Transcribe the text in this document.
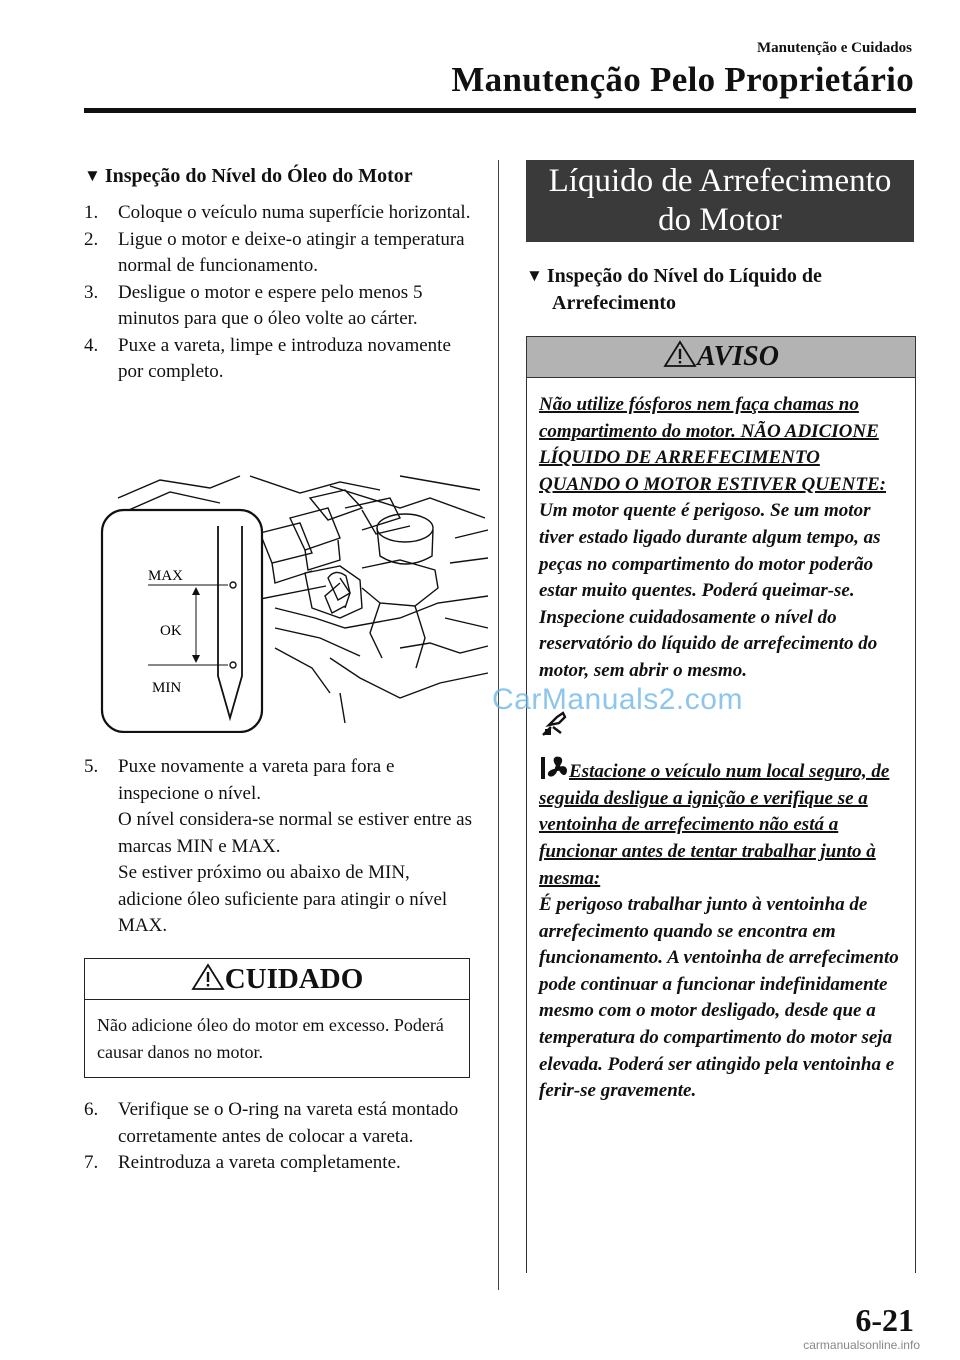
Manutenção e Cuidados
Manutenção Pelo Proprietário
▼ Inspeção do Nível do Óleo do Motor
1. Coloque o veículo numa superfície horizontal.

2. Ligue o motor e deixe-o atingir a temperatura normal de funcionamento.

3. Desligue o motor e espere pelo menos 5 minutos para que o óleo volte ao cárter.

4. Puxe a vareta, limpe e introduza novamente por completo.

MAX
OK
MIN
5. Puxe novamente a vareta para fora e inspecione o nível.

O nível considera-se normal se estiver entre as marcas MIN e MAX.

Se estiver próximo ou abaixo de MIN, adicione óleo suficiente para atingir o nível MAX.

CUIDADO
Não adicione óleo do motor em excesso. Poderá causar danos no motor.
6. Verifique se o O-ring na vareta está montado corretamente antes de colocar a vareta.

7. Reintroduza a vareta completamente.

Líquido de Arrefecimento
do Motor
▼ Inspeção do Nível do Líquido de
Arrefecimento
AVISO
Não utilize fósforos nem faça chamas no compartimento do motor. NÃO ADICIONE LÍQUIDO DE ARREFECIMENTO QUANDO O MOTOR ESTIVER QUENTE:
Um motor quente é perigoso. Se um motor tiver estado ligado durante algum tempo, as peças no compartimento do motor poderão estar muito quentes. Poderá queimar-se. Inspecione cuidadosamente o nível do reservatório do líquido de arrefecimento do motor, sem abrir o mesmo.
Estacione o veículo num local seguro, de seguida desligue a ignição e verifique se a ventoinha de arrefecimento não está a funcionar antes de tentar trabalhar junto à mesma:
É perigoso trabalhar junto à ventoinha de arrefecimento quando se encontra em funcionamento. A ventoinha de arrefecimento pode continuar a funcionar indefinidamente mesmo com o motor desligado, desde que a temperatura do compartimento do motor seja elevada. Poderá ser atingido pela ventoinha e ferir-se gravemente.
CarManuals2.com
6-21
carmanualsonline.info
